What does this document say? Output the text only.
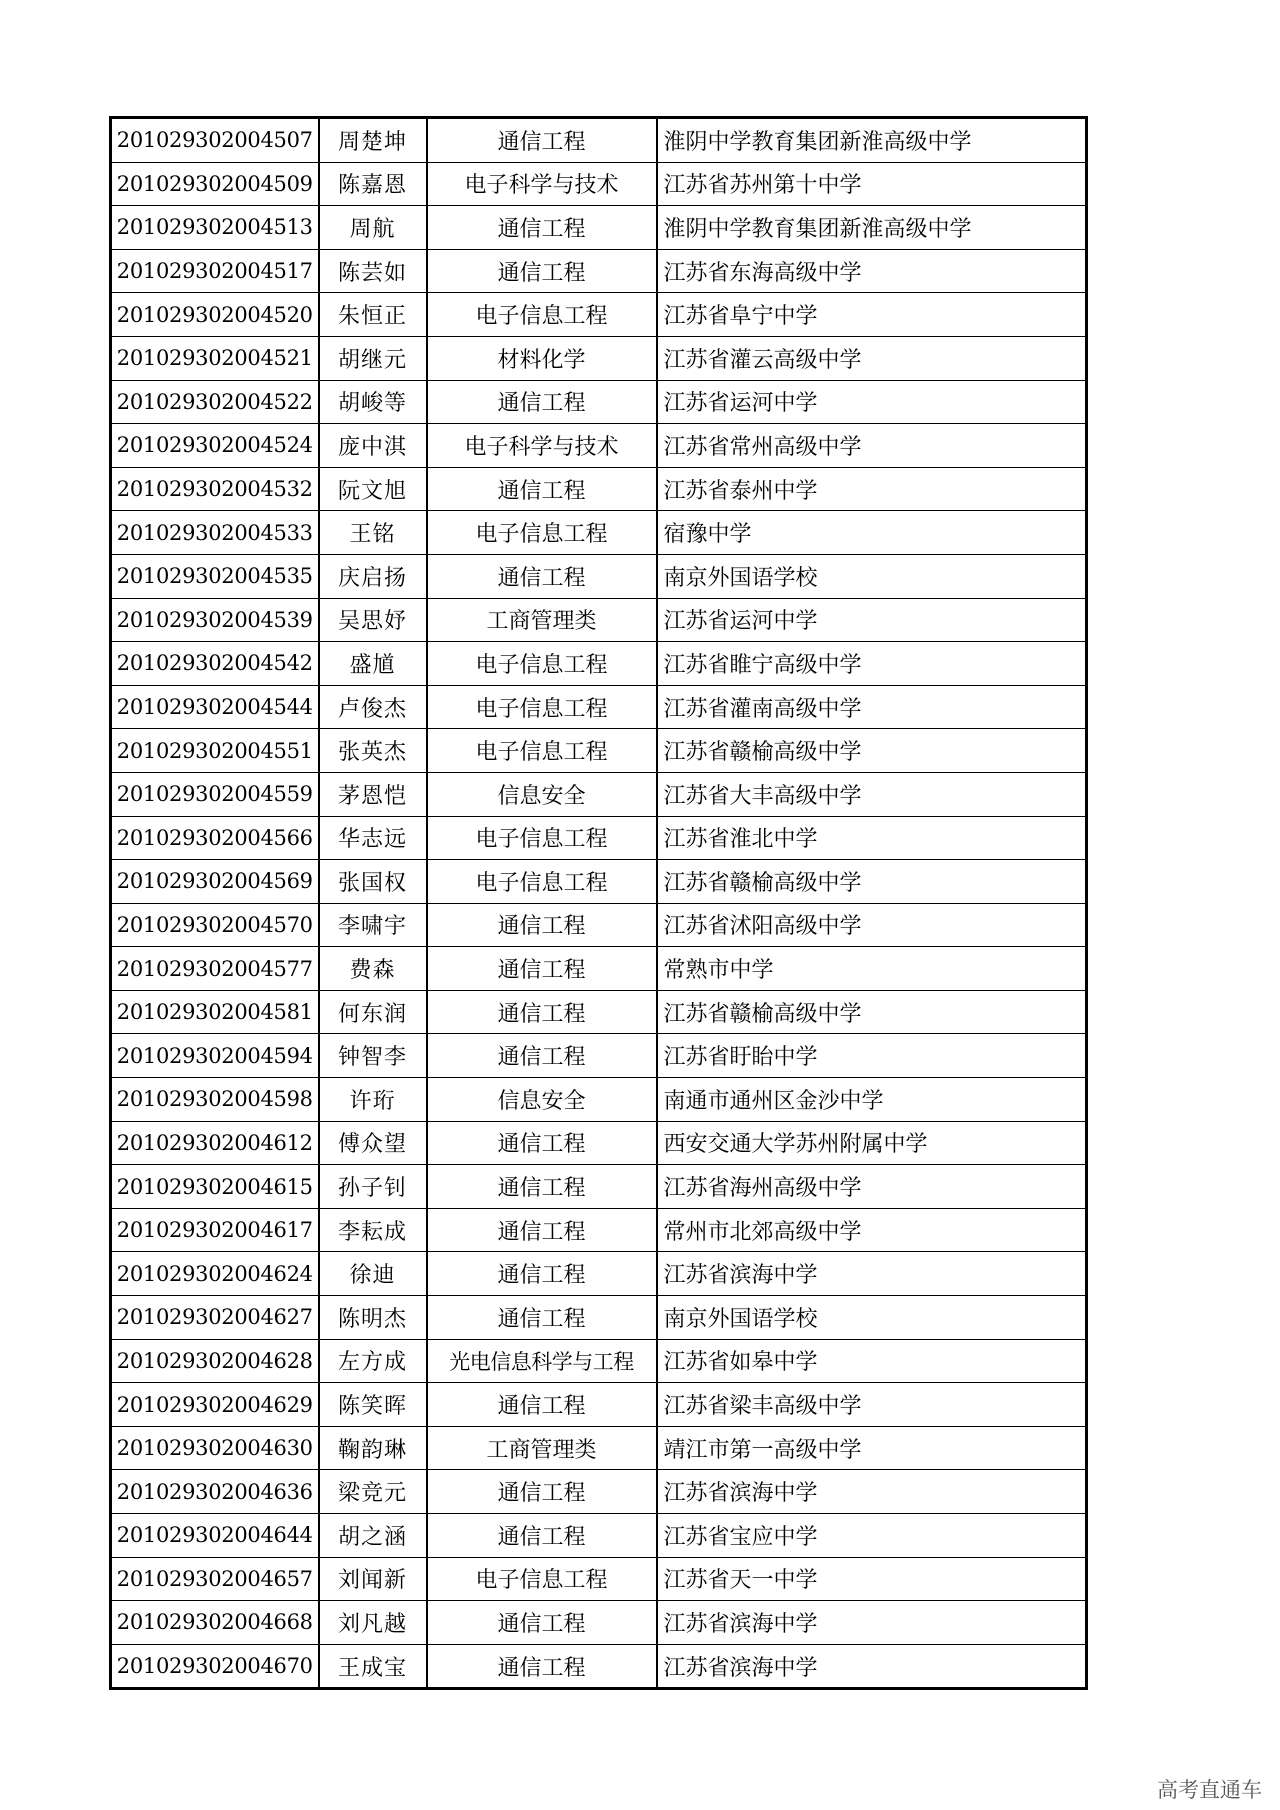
201029302004507	周楚坤	通信工程	淮阴中学教育集团新淮高级中学
201029302004509	陈嘉恩	电子科学与技术	江苏省苏州第十中学
201029302004513	周航	通信工程	淮阴中学教育集团新淮高级中学
201029302004517	陈芸如	通信工程	江苏省东海高级中学
201029302004520	朱恒正	电子信息工程	江苏省阜宁中学
201029302004521	胡继元	材料化学	江苏省灌云高级中学
201029302004522	胡峻等	通信工程	江苏省运河中学
201029302004524	庞中淇	电子科学与技术	江苏省常州高级中学
201029302004532	阮文旭	通信工程	江苏省泰州中学
201029302004533	王铭	电子信息工程	宿豫中学
201029302004535	庆启扬	通信工程	南京外国语学校
201029302004539	吴思妤	工商管理类	江苏省运河中学
201029302004542	盛馗	电子信息工程	江苏省睢宁高级中学
201029302004544	卢俊杰	电子信息工程	江苏省灌南高级中学
201029302004551	张英杰	电子信息工程	江苏省赣榆高级中学
201029302004559	茅恩恺	信息安全	江苏省大丰高级中学
201029302004566	华志远	电子信息工程	江苏省淮北中学
201029302004569	张国权	电子信息工程	江苏省赣榆高级中学
201029302004570	李啸宇	通信工程	江苏省沭阳高级中学
201029302004577	费森	通信工程	常熟市中学
201029302004581	何东润	通信工程	江苏省赣榆高级中学
201029302004594	钟智李	通信工程	江苏省盱眙中学
201029302004598	许珩	信息安全	南通市通州区金沙中学
201029302004612	傅众望	通信工程	西安交通大学苏州附属中学
201029302004615	孙子钊	通信工程	江苏省海州高级中学
201029302004617	李耘成	通信工程	常州市北郊高级中学
201029302004624	徐迪	通信工程	江苏省滨海中学
201029302004627	陈明杰	通信工程	南京外国语学校
201029302004628	左方成	光电信息科学与工程	江苏省如皋中学
201029302004629	陈笑晖	通信工程	江苏省梁丰高级中学
201029302004630	鞠韵琳	工商管理类	靖江市第一高级中学
201029302004636	梁竞元	通信工程	江苏省滨海中学
201029302004644	胡之涵	通信工程	江苏省宝应中学
201029302004657	刘闻新	电子信息工程	江苏省天一中学
201029302004668	刘凡越	通信工程	江苏省滨海中学
201029302004670	王成宝	通信工程	江苏省滨海中学
高考直通车
